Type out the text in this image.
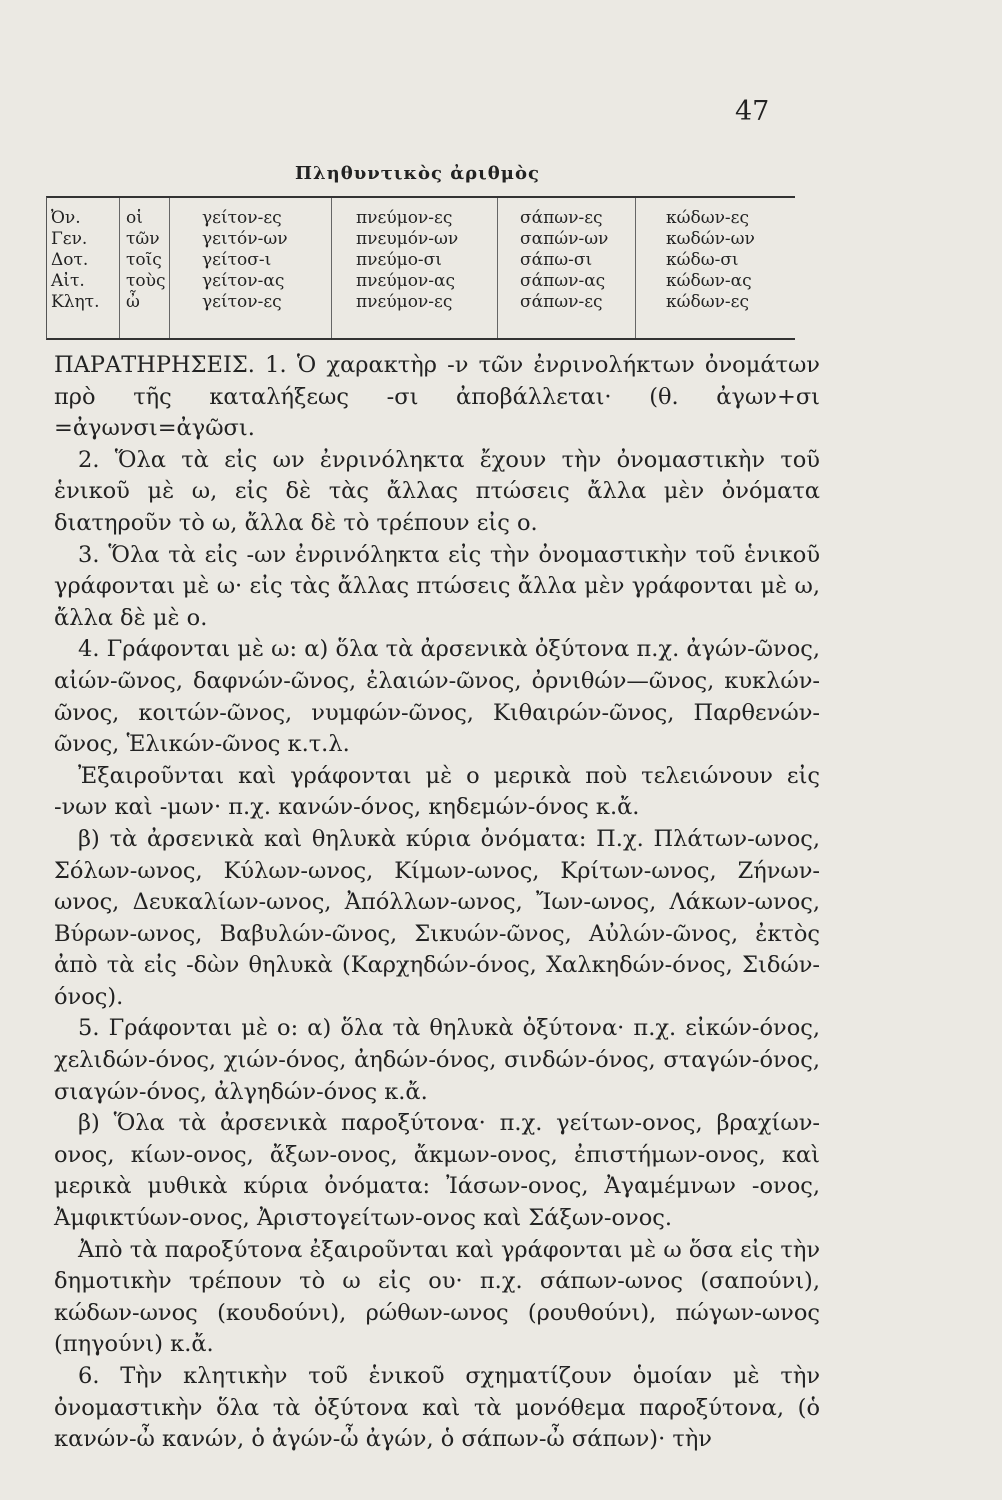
47
Πληθυντικὸς ἀριθμὸς
Ὀν.
Γεν.
Δοτ.
Αἰτ.
Κλητ.
οἱ
τῶν
τοῖς
τοὺς
ὦ
γείτον-ες
γειτόν-ων
γείτοσ-ι
γείτον-ας
γείτον-ες
πνεύμον-ες
πνευμόν-ων
πνεύμο-σι
πνεύμον-ας
πνεύμον-ες
σάπων-ες
σαπών-ων
σάπω-σι
σάπων-ας
σάπων-ες
κώδων-ες
κωδών-ων
κώδω-σι
κώδων-ας
κώδων-ες

ΠΑΡΑΤΗΡΗΣΕΙΣ. 1. Ὁ χαρακτὴρ -ν τῶν ἐνρινολήκτων ὀνομάτων πρὸ τῆς καταλήξεως -σι ἀποβάλλεται· (θ. ἀγων+σι =ἀγωνσι=ἀγῶσι.

2. Ὅλα τὰ εἰς ων ἐνρινόληκτα ἔχουν τὴν ὀνομαστικὴν τοῦ ἑνικοῦ μὲ ω, εἰς δὲ τὰς ἄλλας πτώσεις ἄλλα μὲν ὀνόματα διατηροῦν τὸ ω, ἄλλα δὲ τὸ τρέπουν εἰς ο.

3. Ὅλα τὰ εἰς -ων ἐνρινόληκτα εἰς τὴν ὀνομαστικὴν τοῦ ἑνικοῦ γράφονται μὲ ω· εἰς τὰς ἄλλας πτώσεις ἄλλα μὲν γράφονται μὲ ω, ἄλλα δὲ μὲ ο.

4. Γράφονται μὲ ω: α) ὅλα τὰ ἀρσενικὰ ὀξύτονα π.χ. ἀγών-ῶνος, αἰών-ῶνος, δαφνών-ῶνος, ἐλαιών-ῶνος, ὀρνιθών—ῶνος, κυκλών-ῶνος, κοιτών-ῶνος, νυμφών-ῶνος, Κιθαιρών-ῶνος, Παρθενών-ῶνος, Ἑλικών-ῶνος κ.τ.λ.

Ἐξαιροῦνται καὶ γράφονται μὲ ο μερικὰ ποὺ τελειώνουν εἰς -νων καὶ -μων· π.χ. κανών-όνος, κηδεμών-όνος κ.ἄ.

β) τὰ ἀρσενικὰ καὶ θηλυκὰ κύρια ὀνόματα: Π.χ. Πλάτων-ωνος, Σόλων-ωνος, Κύλων-ωνος, Κίμων-ωνος, Κρίτων-ωνος, Ζήνων-ωνος, Δευκαλίων-ωνος, Ἀπόλλων-ωνος, Ἴων-ωνος, Λάκων-ωνος, Βύρων-ωνος, Βαβυλών-ῶνος, Σικυών-ῶνος, Αὐλών-ῶνος, ἐκτὸς ἀπὸ τὰ εἰς -δὼν θηλυκὰ (Καρχηδών-όνος, Χαλκηδών-όνος, Σιδών-όνος).

5. Γράφονται μὲ ο: α) ὅλα τὰ θηλυκὰ ὀξύτονα· π.χ. εἰκών-όνος, χελιδών-όνος, χιών-όνος, ἀηδών-όνος, σινδών-όνος, σταγών-όνος, σιαγών-όνος, ἀλγηδών-όνος κ.ἄ.

β) Ὅλα τὰ ἀρσενικὰ παροξύτονα· π.χ. γείτων-ονος, βραχίων-ονος, κίων-ονος, ἄξων-ονος, ἄκμων-ονος, ἐπιστήμων-ονος, καὶ μερικὰ μυθικὰ κύρια ὀνόματα: Ἰάσων-ονος, Ἀγαμέμνων -ονος, Ἀμφικτύων-ονος, Ἀριστογείτων-ονος καὶ Σάξων-ονος.

Ἀπὸ τὰ παροξύτονα ἐξαιροῦνται καὶ γράφονται μὲ ω ὅσα εἰς τὴν δημοτικὴν τρέπουν τὸ ω εἰς ου· π.χ. σάπων-ωνος (σαπούνι), κώδων-ωνος (κουδούνι), ρώθων-ωνος (ρουθούνι), πώγων-ωνος (πηγούνι) κ.ἄ.

6. Τὴν κλητικὴν τοῦ ἑνικοῦ σχηματίζουν ὁμοίαν μὲ τὴν ὀνομαστικὴν ὅλα τὰ ὀξύτονα καὶ τὰ μονόθεμα παροξύτονα, (ὁ κανών-ὦ κανών, ὁ ἀγών-ὦ ἀγών, ὁ σάπων-ὦ σάπων)· τὴν
